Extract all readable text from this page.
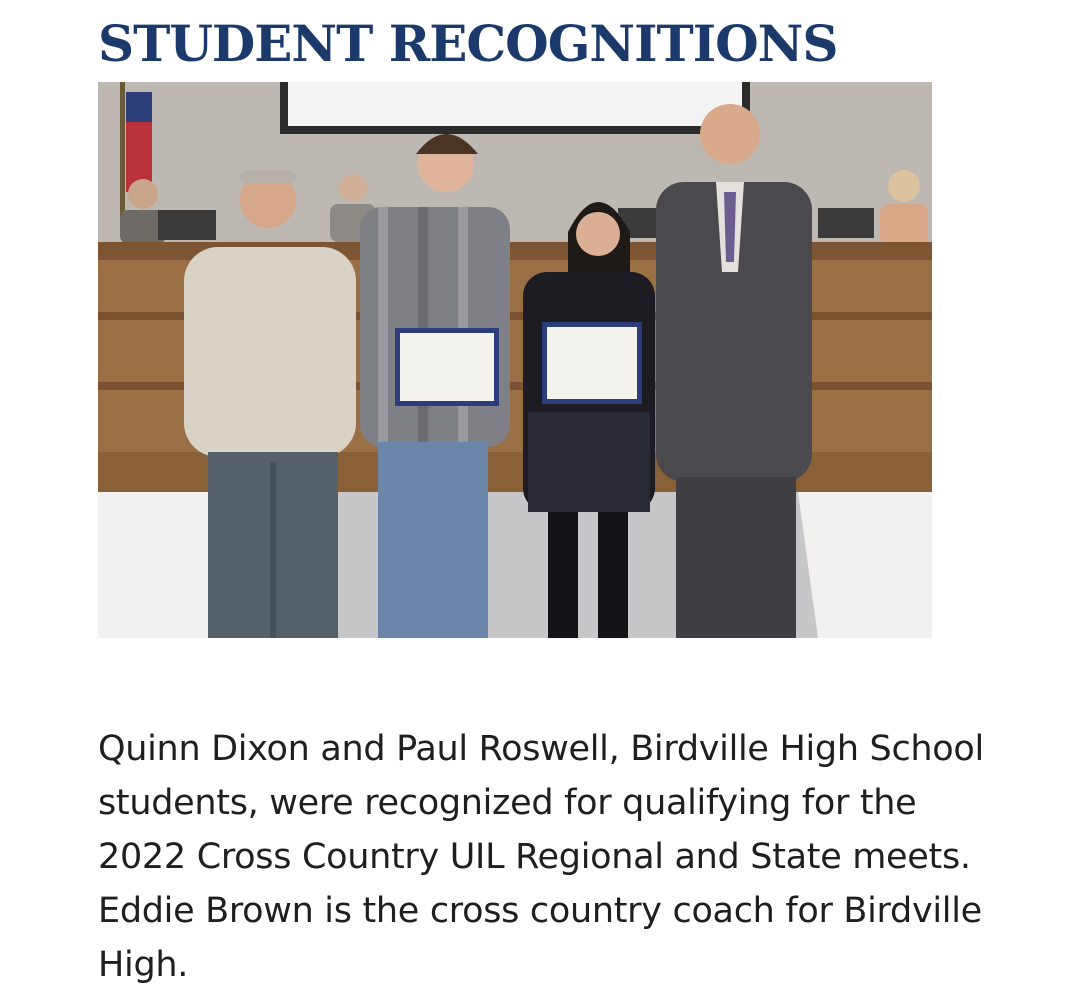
STUDENT RECOGNITIONS

Quinn Dixon and Paul Roswell, Birdville High School students, were recognized for qualifying for the 2022 Cross Country UIL Regional and State meets. Eddie Brown is the cross country coach for Birdville High.
